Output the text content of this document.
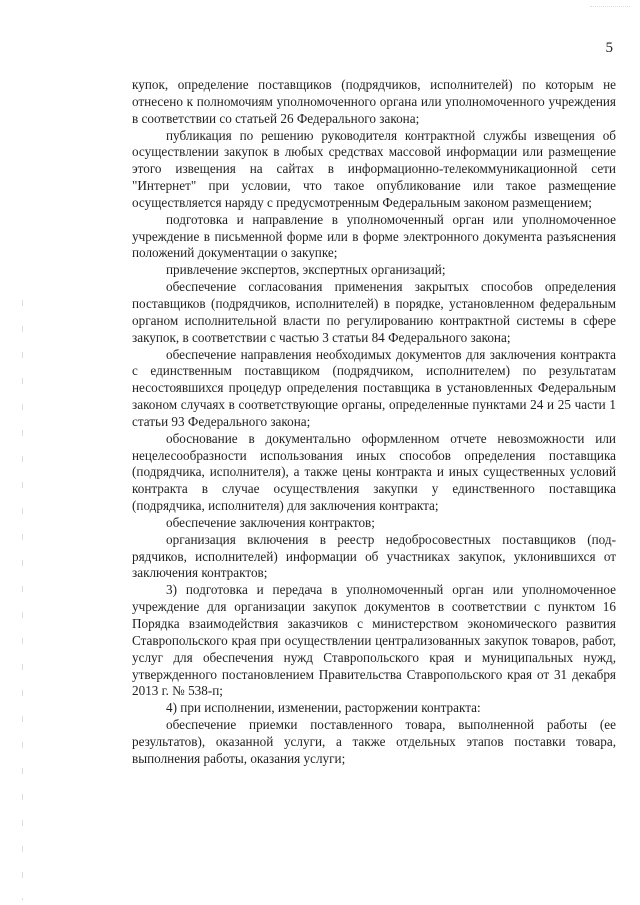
5

купок, определение поставщиков (подрядчиков, исполнителей) по которым не отнесено к полномочиям уполномоченного органа или уполномоченного учреждения в соответствии со статьей 26 Федерального закона;

публикация по решению руководителя контрактной службы извещения об осуществлении закупок в любых средствах массовой информации или размещение этого извещения на сайтах в информационно-телекоммуникационной сети "Интернет" при условии, что такое опубликование или такое размещение осуществляется наряду с предусмотренным Федеральным законом размещением;

подготовка и направление в уполномоченный орган или уполномоченное учреждение в письменной форме или в форме электронного документа разъяснения положений документации о закупке;

привлечение экспертов, экспертных организаций;

обеспечение согласования применения закрытых способов определения поставщиков (подрядчиков, исполнителей) в порядке, установленном федеральным органом исполнительной власти по регулированию контрактной системы в сфере закупок, в соответствии с частью 3 статьи 84 Федерального закона;

обеспечение направления необходимых документов для заключения контракта с единственным поставщиком (подрядчиком, исполнителем) по результатам несостоявшихся процедур определения поставщика в установленных Федеральным законом случаях в соответствующие органы, определенные пунктами 24 и 25 части 1 статьи 93 Федерального закона;

обоснование в документально оформленном отчете невозможности или нецелесообразности использования иных способов определения поставщика (подрядчика, исполнителя), а также цены контракта и иных существенных условий контракта в случае осуществления закупки у единственного поставщика (подрядчика, исполнителя) для заключения контракта;

обеспечение заключения контрактов;

организация включения в реестр недобросовестных поставщиков (подрядчиков, исполнителей) информации об участниках закупок, уклонившихся от заключения контрактов;

3) подготовка и передача в уполномоченный орган или уполномоченное учреждение для организации закупок документов в соответствии с пунктом 16 Порядка взаимодействия заказчиков с министерством экономического развития Ставропольского края при осуществлении централизованных закупок товаров, работ, услуг для обеспечения нужд Ставропольского края и муниципальных нужд, утвержденного постановлением Правительства Ставропольского края от 31 декабря 2013 г. № 538-п;

4) при исполнении, изменении, расторжении контракта:

обеспечение приемки поставленного товара, выполненной работы (ее результатов), оказанной услуги, а также отдельных этапов поставки товара, выполнения работы, оказания услуги;
